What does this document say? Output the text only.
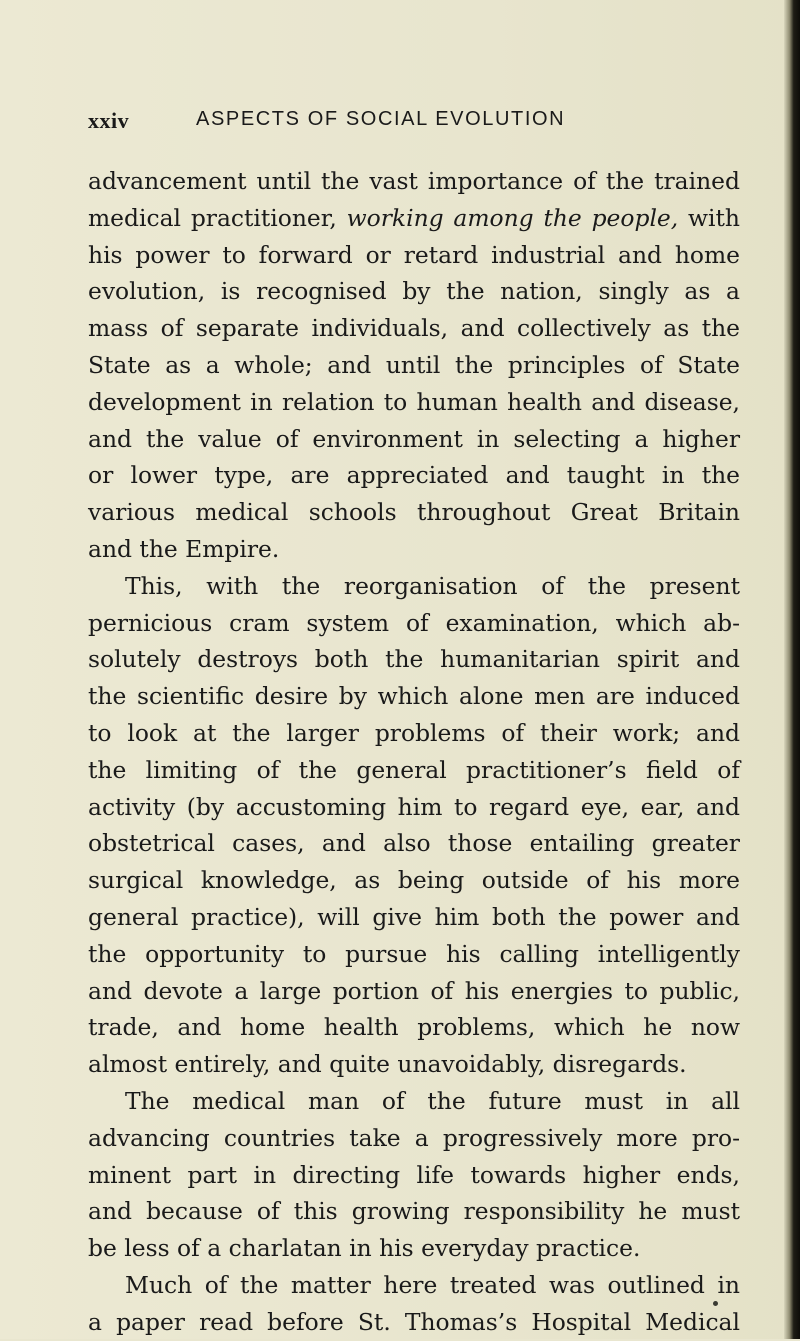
xxiv	ASPECTS OF SOCIAL EVOLUTION
advancement until the vast importance of the trained
medical practitioner, working among the people, with
his power to forward or retard industrial and home
evolution, is recognised by the nation, singly as a
mass of separate individuals, and collectively as the
State as a whole; and until the principles of State
development in relation to human health and disease,
and the value of environment in selecting a higher
or lower type, are appreciated and taught in the
various medical schools throughout Great Britain
and the Empire.
This, with the reorganisation of the present
pernicious cram system of examination, which ab-
solutely destroys both the humanitarian spirit and
the scientific desire by which alone men are induced
to look at the larger problems of their work; and
the limiting of the general practitioner’s field of
activity (by accustoming him to regard eye, ear, and
obstetrical cases, and also those entailing greater
surgical knowledge, as being outside of his more
general practice), will give him both the power and
the opportunity to pursue his calling intelligently
and devote a large portion of his energies to public,
trade, and home health problems, which he now
almost entirely, and quite unavoidably, disregards.
The medical man of the future must in all
advancing countries take a progressively more pro-
minent part in directing life towards higher ends,
and because of this growing responsibility he must
be less of a charlatan in his everyday practice.
Much of the matter here treated was outlined in
a paper read before St. Thomas’s Hospital Medical
